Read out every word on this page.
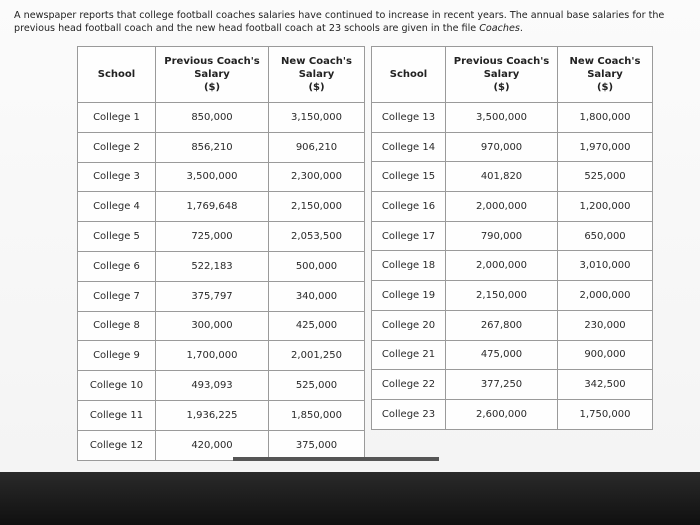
A newspaper reports that college football coaches salaries have continued to increase in recent years. The annual base salaries for the previous head football coach and the new head football coach at 23 schools are given in the file Coaches.
School	Previous Coach's
Salary
($)	New Coach's
Salary
($)
College 1	850,000	3,150,000
College 2	856,210	906,210
College 3	3,500,000	2,300,000
College 4	1,769,648	2,150,000
College 5	725,000	2,053,500
College 6	522,183	500,000
College 7	375,797	340,000
College 8	300,000	425,000
College 9	1,700,000	2,001,250
College 10	493,093	525,000
College 11	1,936,225	1,850,000
College 12	420,000	375,000
School	Previous Coach's
Salary
($)	New Coach's
Salary
($)
College 13	3,500,000	1,800,000
College 14	970,000	1,970,000
College 15	401,820	525,000
College 16	2,000,000	1,200,000
College 17	790,000	650,000
College 18	2,000,000	3,010,000
College 19	2,150,000	2,000,000
College 20	267,800	230,000
College 21	475,000	900,000
College 22	377,250	342,500
College 23	2,600,000	1,750,000
